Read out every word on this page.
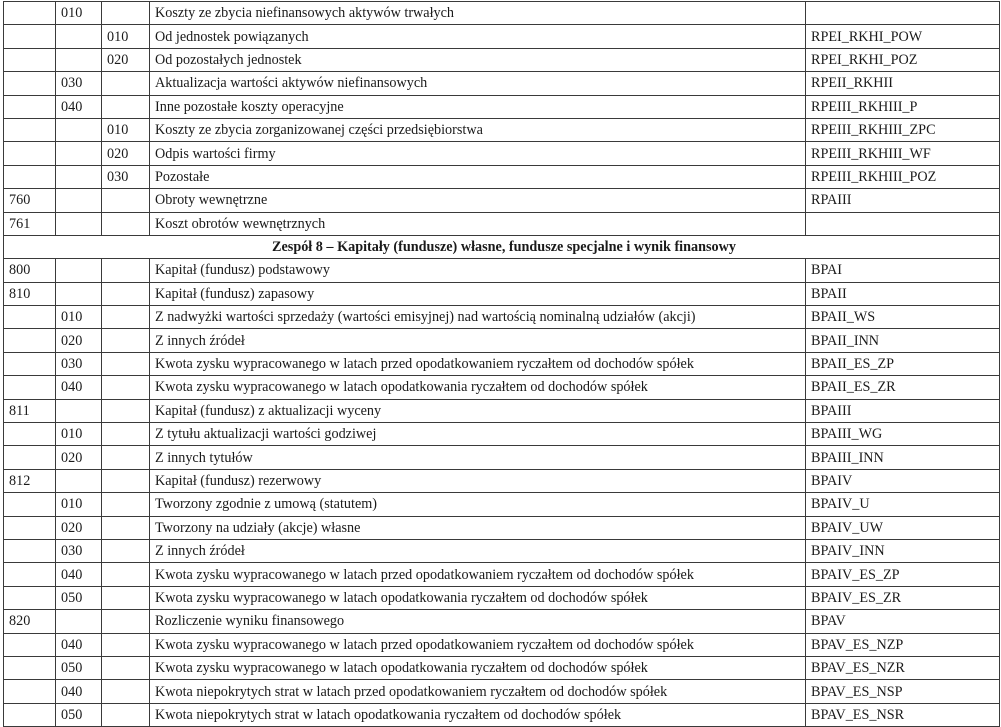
	010		Koszty ze zbycia niefinansowych aktywów trwałych	
		010	Od jednostek powiązanych	RPEI_RKHI_POW
		020	Od pozostałych jednostek	RPEI_RKHI_POZ
	030		Aktualizacja wartości aktywów niefinansowych	RPEII_RKHII
	040		Inne pozostałe koszty operacyjne	RPEIII_RKHIII_P
		010	Koszty ze zbycia zorganizowanej części przedsiębiorstwa	RPEIII_RKHIII_ZPC
		020	Odpis wartości firmy	RPEIII_RKHIII_WF
		030	Pozostałe	RPEIII_RKHIII_POZ
760			Obroty wewnętrzne	RPAIII
761			Koszt obrotów wewnętrznych	
Zespół 8 – Kapitały (fundusze) własne, fundusze specjalne i wynik finansowy				
800			Kapitał (fundusz) podstawowy	BPAI
810			Kapitał (fundusz) zapasowy	BPAII
	010		Z nadwyżki wartości sprzedaży (wartości emisyjnej) nad wartością nominalną udziałów (akcji)	BPAII_WS
	020		Z innych źródeł	BPAII_INN
	030		Kwota zysku wypracowanego w latach przed opodatkowaniem ryczałtem od dochodów spółek	BPAII_ES_ZP
	040		Kwota zysku wypracowanego w latach opodatkowania ryczałtem od dochodów spółek	BPAII_ES_ZR
811			Kapitał (fundusz) z aktualizacji wyceny	BPAIII
	010		Z tytułu aktualizacji wartości godziwej	BPAIII_WG
	020		Z innych tytułów	BPAIII_INN
812			Kapitał (fundusz) rezerwowy	BPAIV
	010		Tworzony zgodnie z umową (statutem)	BPAIV_U
	020		Tworzony na udziały (akcje) własne	BPAIV_UW
	030		Z innych źródeł	BPAIV_INN
	040		Kwota zysku wypracowanego w latach przed opodatkowaniem ryczałtem od dochodów spółek	BPAIV_ES_ZP
	050		Kwota zysku wypracowanego w latach opodatkowania ryczałtem od dochodów spółek	BPAIV_ES_ZR
820			Rozliczenie wyniku finansowego	BPAV
	040		Kwota zysku wypracowanego w latach przed opodatkowaniem ryczałtem od dochodów spółek	BPAV_ES_NZP
	050		Kwota zysku wypracowanego w latach opodatkowania ryczałtem od dochodów spółek	BPAV_ES_NZR
	040		Kwota niepokrytych strat w latach przed opodatkowaniem ryczałtem od dochodów spółek	BPAV_ES_NSP
	050		Kwota niepokrytych strat w latach opodatkowania ryczałtem od dochodów spółek	BPAV_ES_NSR
